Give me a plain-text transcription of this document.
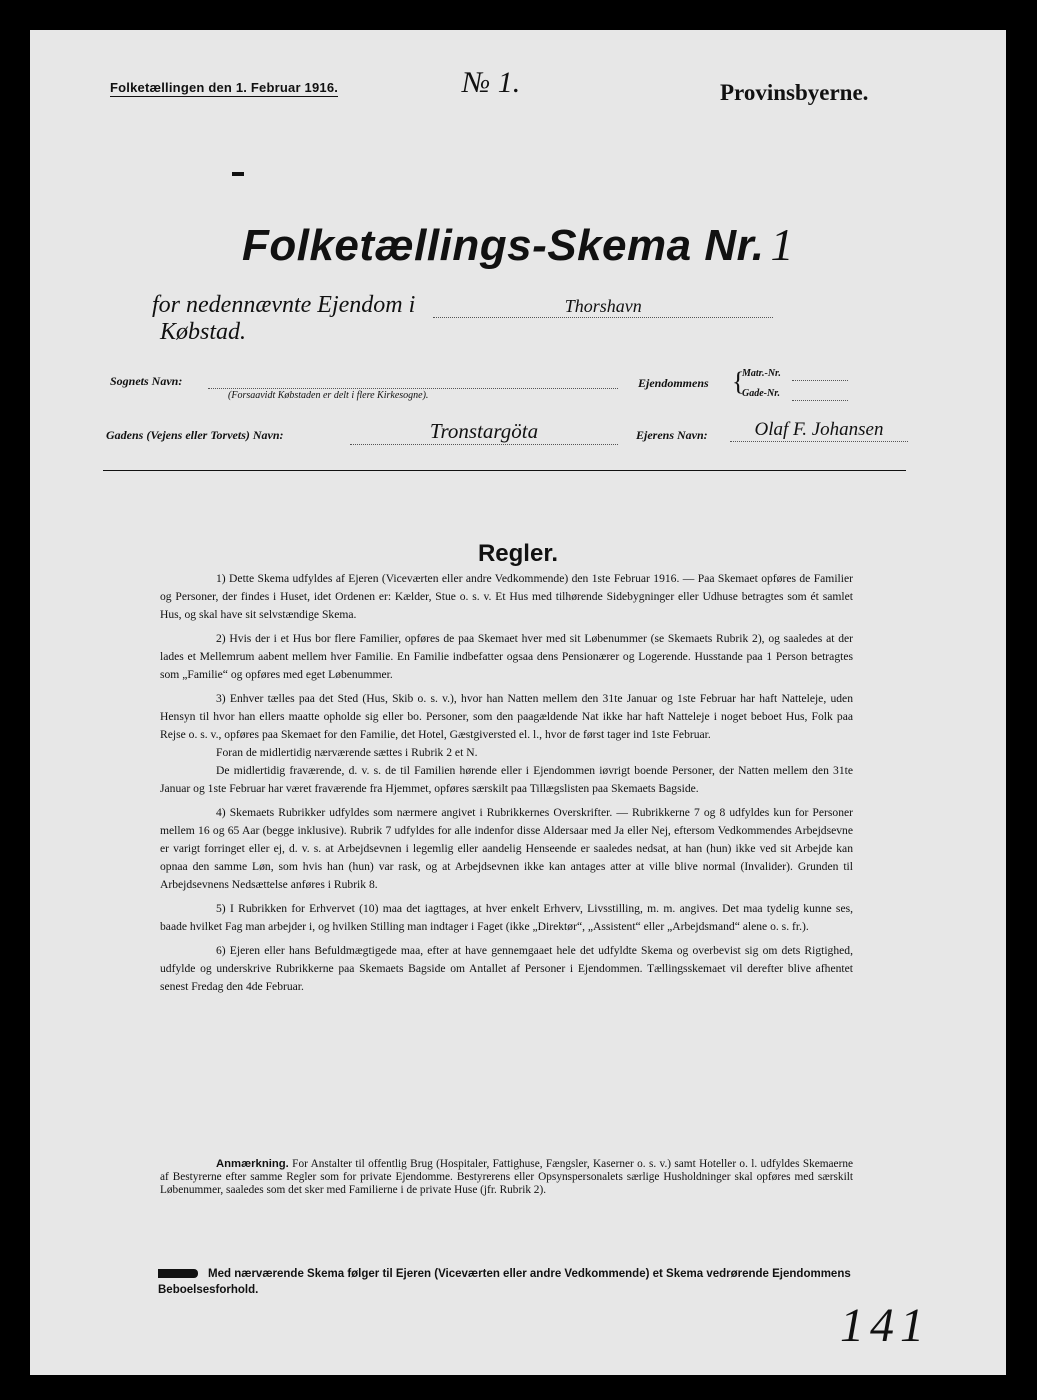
Folketællingen den 1. Februar 1916.	№ 1.	Provinsbyerne.
Folketællings-Skema Nr. 1
for nedennævnte Ejendom i	Thorshavn Købstad.
Sognets Navn:
(Forsaavidt Købstaden er delt i flere Kirkesogne).
Ejendommens {
Matr.-Nr.
Gade-Nr.
Gadens (Vejens eller Torvets) Navn:	Tronstargöta	Ejerens Navn:	Olaf F. Johansen
Regler.

1) Dette Skema udfyldes af Ejeren (Viceværten eller andre Vedkommende) den 1ste Februar 1916. — Paa Skemaet opføres de Familier og Personer, der findes i Huset, idet Ordenen er: Kælder, Stue o. s. v. Et Hus med tilhørende Sidebygninger eller Udhuse betragtes som ét samlet Hus, og skal have sit selvstændige Skema.

2) Hvis der i et Hus bor flere Familier, opføres de paa Skemaet hver med sit Løbenummer (se Skemaets Rubrik 2), og saaledes at der lades et Mellemrum aabent mellem hver Familie. En Familie indbefatter ogsaa dens Pensionærer og Logerende. Husstande paa 1 Person betragtes som „Familie“ og opføres med eget Løbenummer.

3) Enhver tælles paa det Sted (Hus, Skib o. s. v.), hvor han Natten mellem den 31te Januar og 1ste Februar har haft Natteleje, uden Hensyn til hvor han ellers maatte opholde sig eller bo. Personer, som den paagældende Nat ikke har haft Natteleje i noget beboet Hus, Folk paa Rejse o. s. v., opføres paa Skemaet for den Familie, det Hotel, Gæstgiversted el. l., hvor de først tager ind 1ste Februar.

Foran de midlertidig nærværende sættes i Rubrik 2 et N.

De midlertidig fraværende, d. v. s. de til Familien hørende eller i Ejendommen iøvrigt boende Personer, der Natten mellem den 31te Januar og 1ste Februar har været fraværende fra Hjemmet, opføres særskilt paa Tillægslisten paa Skemaets Bagside.

4) Skemaets Rubrikker udfyldes som nærmere angivet i Rubrikkernes Overskrifter. — Rubrikkerne 7 og 8 udfyldes kun for Personer mellem 16 og 65 Aar (begge inklusive). Rubrik 7 udfyldes for alle indenfor disse Aldersaar med Ja eller Nej, eftersom Vedkommendes Arbejdsevne er varigt forringet eller ej, d. v. s. at Arbejdsevnen i legemlig eller aandelig Henseende er saaledes nedsat, at han (hun) ikke ved sit Arbejde kan opnaa den samme Løn, som hvis han (hun) var rask, og at Arbejdsevnen ikke kan antages atter at ville blive normal (Invalider). Grunden til Arbejdsevnens Nedsættelse anføres i Rubrik 8.

5) I Rubrikken for Erhvervet (10) maa det iagttages, at hver enkelt Erhverv, Livsstilling, m. m. angives. Det maa tydelig kunne ses, baade hvilket Fag man arbejder i, og hvilken Stilling man indtager i Faget (ikke „Direktør“, „Assistent“ eller „Arbejdsmand“ alene o. s. fr.).

6) Ejeren eller hans Befuldmægtigede maa, efter at have gennemgaaet hele det udfyldte Skema og overbevist sig om dets Rigtighed, udfylde og underskrive Rubrikkerne paa Skemaets Bagside om Antallet af Personer i Ejendommen. Tællingsskemaet vil derefter blive afhentet senest Fredag den 4de Februar.

Anmærkning. For Anstalter til offentlig Brug (Hospitaler, Fattighuse, Fængsler, Kaserner o. s. v.) samt Hoteller o. l. udfyldes Skemaerne af Bestyrerne efter samme Regler som for private Ejendomme. Bestyrerens eller Opsynspersonalets særlige Husholdninger skal opføres med særskilt Løbenummer, saaledes som det sker med Familierne i de private Huse (jfr. Rubrik 2).

Med nærværende Skema følger til Ejeren (Viceværten eller andre Vedkommende) et Skema vedrørende Ejendommens Beboelsesforhold.
141
